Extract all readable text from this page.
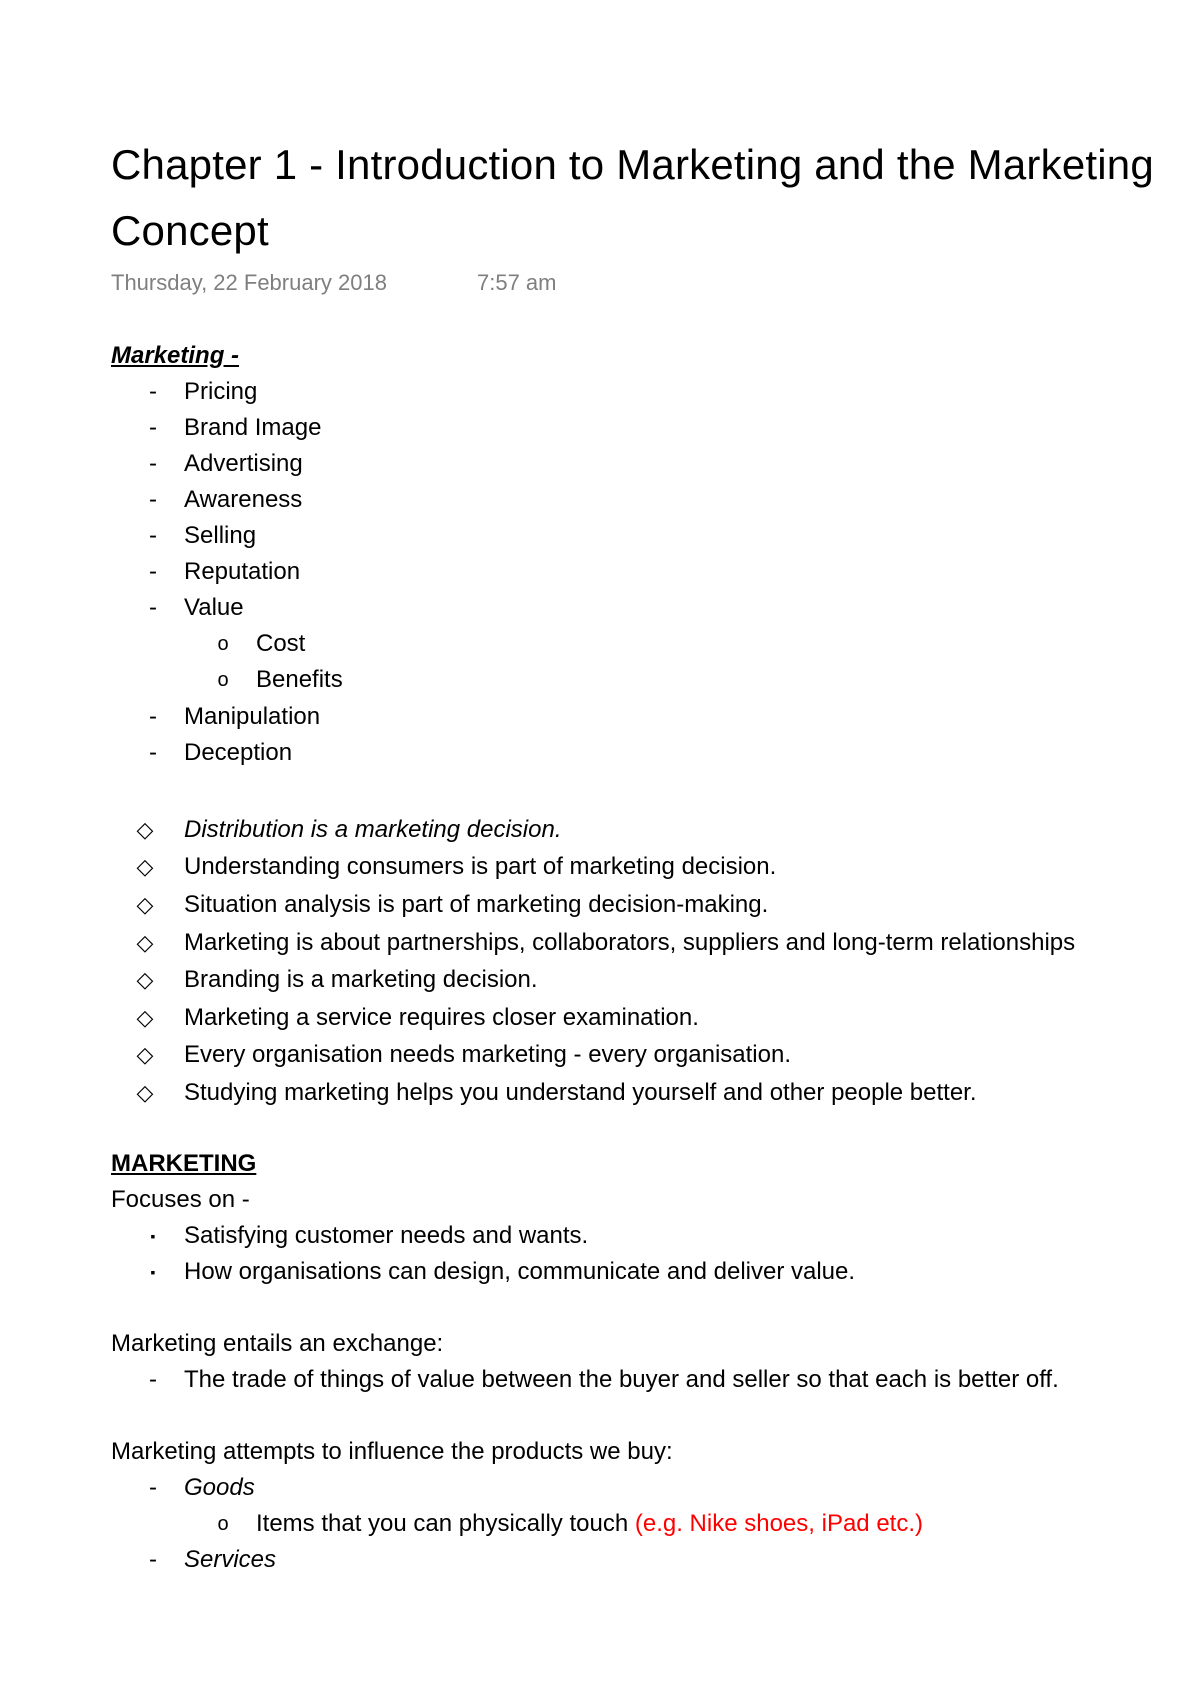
Chapter 1 - Introduction to Marketing and the Marketing Concept
Thursday, 22 February 2018	7:57 am
Marketing -
-	Pricing
-	Brand Image
-	Advertising
-	Awareness
-	Selling
-	Reputation
-	Value
o	Cost
o	Benefits
-	Manipulation
-	Deception
◇ Distribution is a marketing decision.
◇ Understanding consumers is part of marketing decision.
◇ Situation analysis is part of marketing decision-making.
◇ Marketing is about partnerships, collaborators, suppliers and long-term relationships
◇ Branding is a marketing decision.
◇ Marketing a service requires closer examination.
◇ Every organisation needs marketing - every organisation.
◇ Studying marketing helps you understand yourself and other people better.
MARKETING
Focuses on -
▪	Satisfying customer needs and wants.
▪	How organisations can design, communicate and deliver value.
Marketing entails an exchange:
-	The trade of things of value between the buyer and seller so that each is better off.
Marketing attempts to influence the products we buy:
-	Goods
o	Items that you can physically touch (e.g. Nike shoes, iPad etc.)
-	Services
